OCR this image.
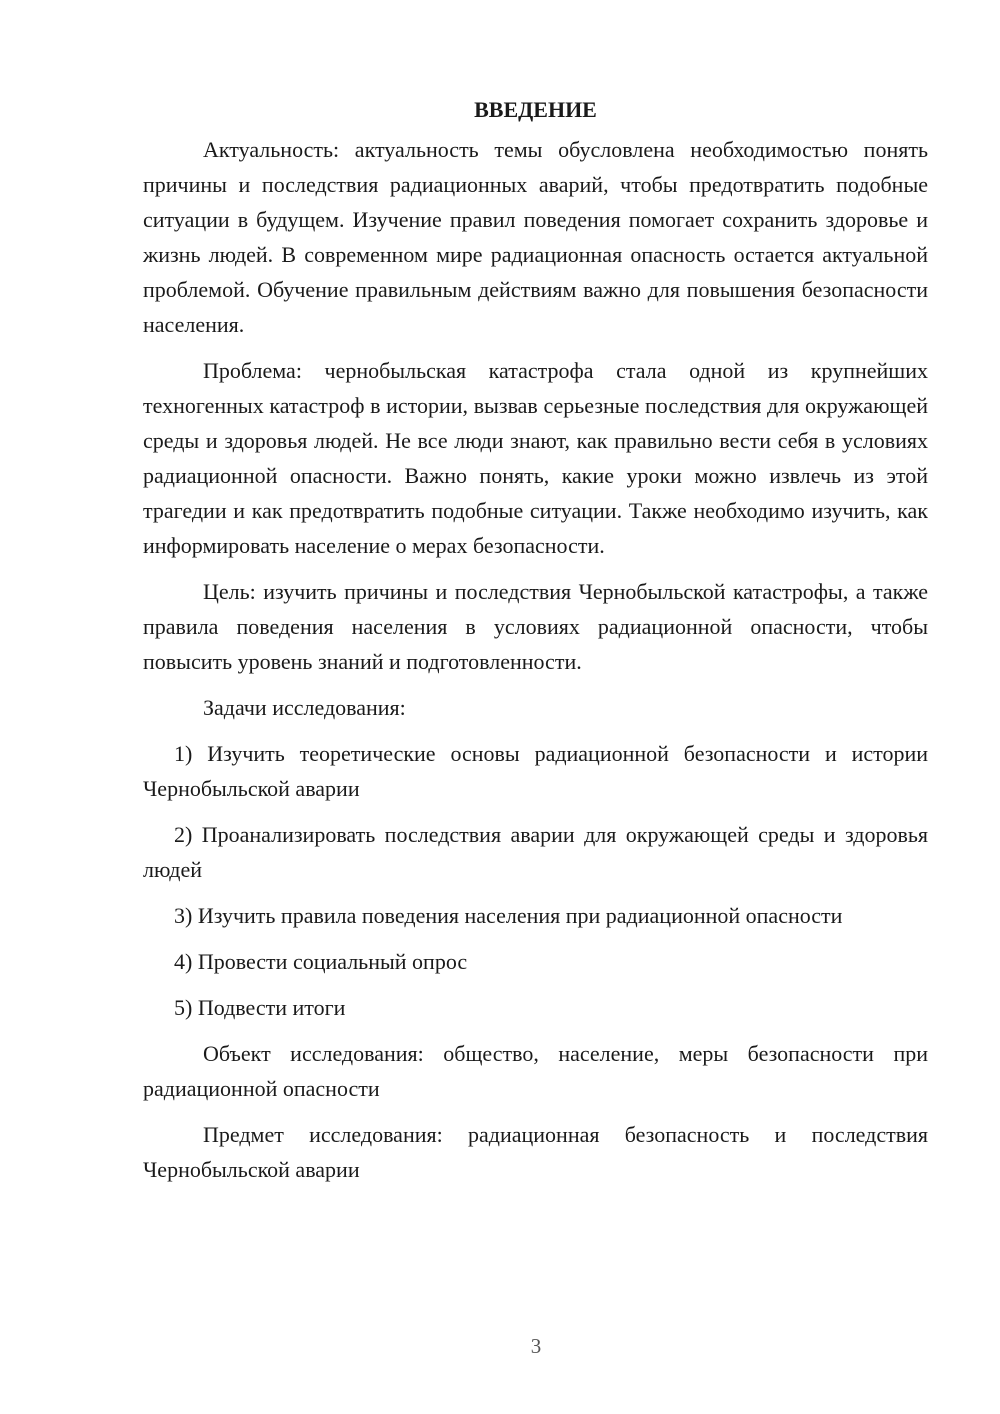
ВВЕДЕНИЕ

Актуальность: актуальность темы обусловлена необходимостью понять причины и последствия радиационных аварий, чтобы предотвратить подобные ситуации в будущем. Изучение правил поведения помогает сохранить здоровье и жизнь людей. В современном мире радиационная опасность остается актуальной проблемой. Обучение правильным действиям важно для повышения безопасности населения.

Проблема: чернобыльская катастрофа стала одной из крупнейших техногенных катастроф в истории, вызвав серьезные последствия для окружающей среды и здоровья людей. Не все люди знают, как правильно вести себя в условиях радиационной опасности. Важно понять, какие уроки можно извлечь из этой трагедии и как предотвратить подобные ситуации. Также необходимо изучить, как информировать население о мерах безопасности.

Цель: изучить причины и последствия Чернобыльской катастрофы, а также правила поведения населения в условиях радиационной опасности, чтобы повысить уровень знаний и подготовленности.

Задачи исследования:

1) Изучить теоретические основы радиационной безопасности и истории Чернобыльской аварии

2) Проанализировать последствия аварии для окружающей среды и здоровья людей

3) Изучить правила поведения населения при радиационной опасности

4) Провести социальный опрос

5) Подвести итоги

Объект исследования: общество, население, меры безопасности при радиационной опасности

Предмет исследования: радиационная безопасность и последствия Чернобыльской аварии

3
